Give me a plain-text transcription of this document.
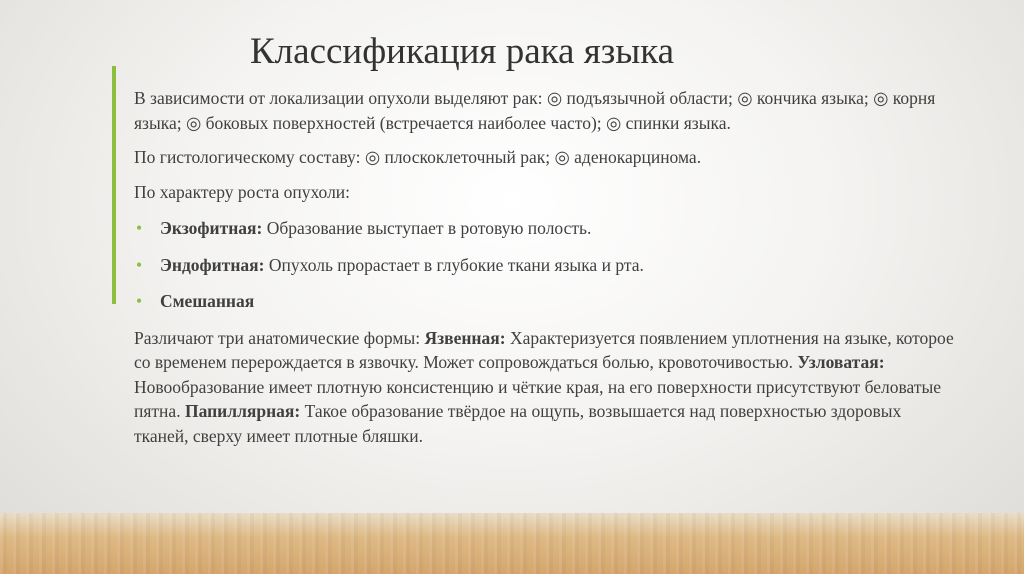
Классификация рака языка

В зависимости от локализации опухоли выделяют рак: ◎ подъязычной области; ◎ кончика языка; ◎ корня языка; ◎ боковых поверхностей (встречается наиболее часто); ◎ спинки языка.

По гистологическому составу: ◎ плоскоклеточный рак; ◎ аденокарцинома.

По характеру роста опухоли:

• Экзофитная: Образование выступает в ротовую полость.
• Эндофитная: Опухоль прорастает в глубокие ткани языка и рта.
• Смешанная

Различают три анатомические формы: Язвенная: Характеризуется появлением уплотнения на языке, которое со временем перерождается в язвочку. Может сопровождаться болью, кровоточивостью. Узловатая: Новообразование имеет плотную консистенцию и чёткие края, на его поверхности присутствуют беловатые пятна. Папиллярная: Такое образование твёрдое на ощупь, возвышается над поверхностью здоровых тканей, сверху имеет плотные бляшки.
